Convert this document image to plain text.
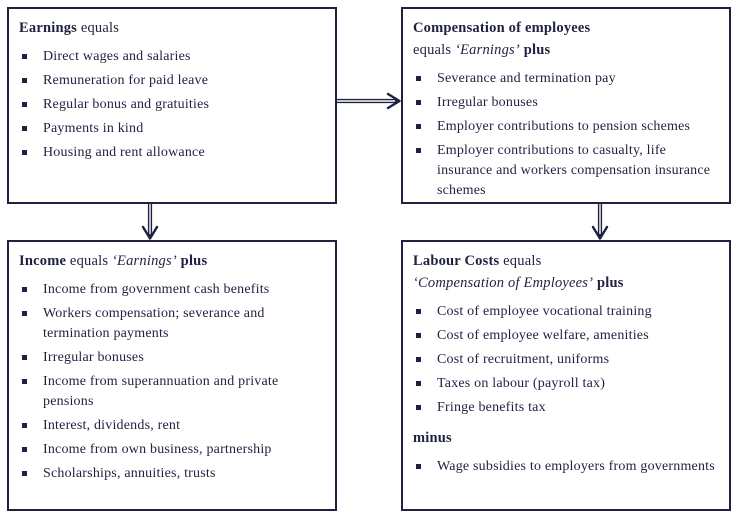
Earnings equals
Direct wages and salaries
Remuneration for paid leave
Regular bonus and gratuities
Payments in kind
Housing and rent allowance
Compensation of employees
equals ‘Earnings’ plus
Severance and termination pay
Irregular bonuses
Employer contributions to pension schemes
Employer contributions to casualty, life insurance and workers compensation insurance schemes
Income equals ‘Earnings’ plus
Income from government cash benefits
Workers compensation; severance and termination payments
Irregular bonuses
Income from superannuation and private pensions
Interest, dividends, rent
Income from own business, partnership
Scholarships, annuities, trusts
Labour Costs equals
‘Compensation of Employees’ plus
Cost of employee vocational training
Cost of employee welfare, amenities
Cost of recruitment, uniforms
Taxes on labour (payroll tax)
Fringe benefits tax
minus
Wage subsidies to employers from governments
